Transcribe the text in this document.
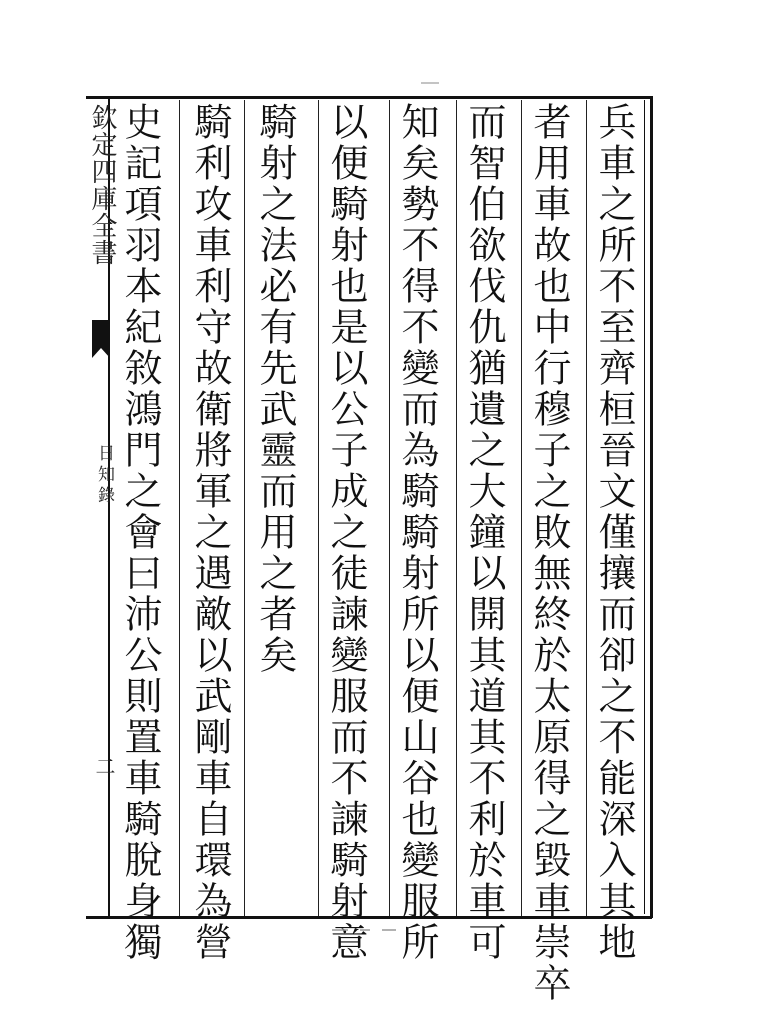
欽定四庫全書
日知錄
二	兵車之所不至齊桓晉文僅攘而卻之不能深入其地
者用車故也中行穆子之敗無終於太原得之毀車崇卒
而智伯欲伐仇猶遺之大鐘以開其道其不利於車可
知矣勢不得不變而為騎騎射所以便山谷也變服所
以便騎射也是以公子成之徒諫變服而不諫騎射意
騎射之法必有先武靈而用之者矣
騎利攻車利守故衛將軍之遇敵以武剛車自環為營
史記項羽本紀敘鴻門之會曰沛公則置車騎脫身獨
